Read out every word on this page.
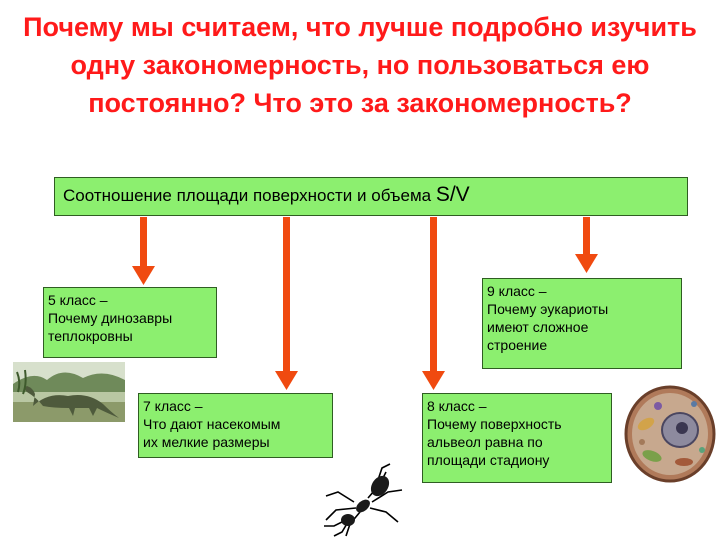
Почему мы считаем, что лучше подробно изучить одну закономерность, но пользоваться ею постоянно? Что это за закономерность?
Соотношение площади поверхности и объема S/V
5 класс –
Почему динозавры
теплокровны
7 класс –
Что дают насекомым
их мелкие размеры
8 класс –
Почему поверхность
альвеол равна по
площади стадиону
9 класс –
Почему эукариоты
имеют сложное
строение
